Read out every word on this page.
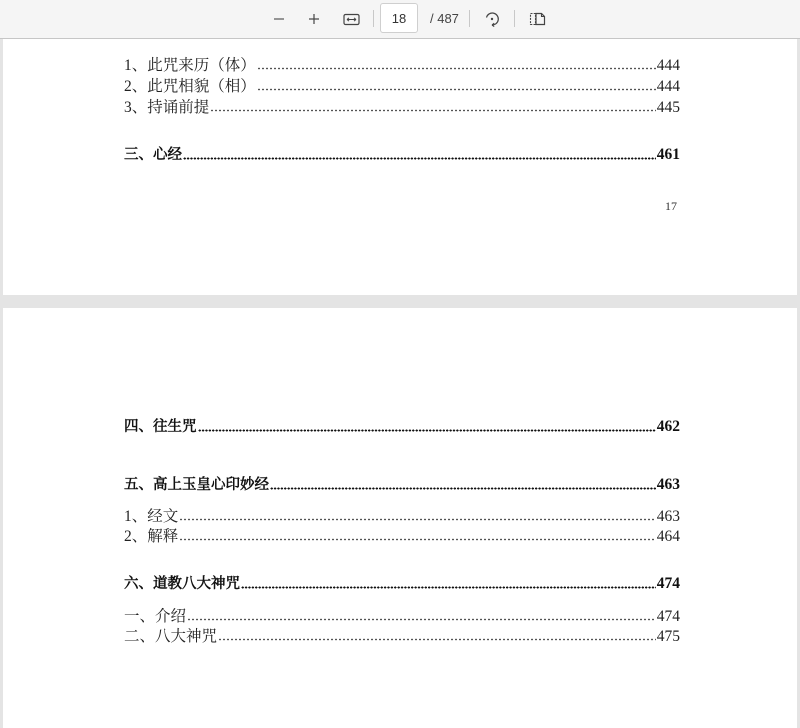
18
/ 487
1、此咒来历（体）	444
2、此咒相貌（相）	444
3、持诵前提	445
三、心经	461
17
四、往生咒	462
五、高上玉皇心印妙经	463
1、经文	463
2、解释	464
六、道教八大神咒	474
一、介绍	474
二、八大神咒	475
